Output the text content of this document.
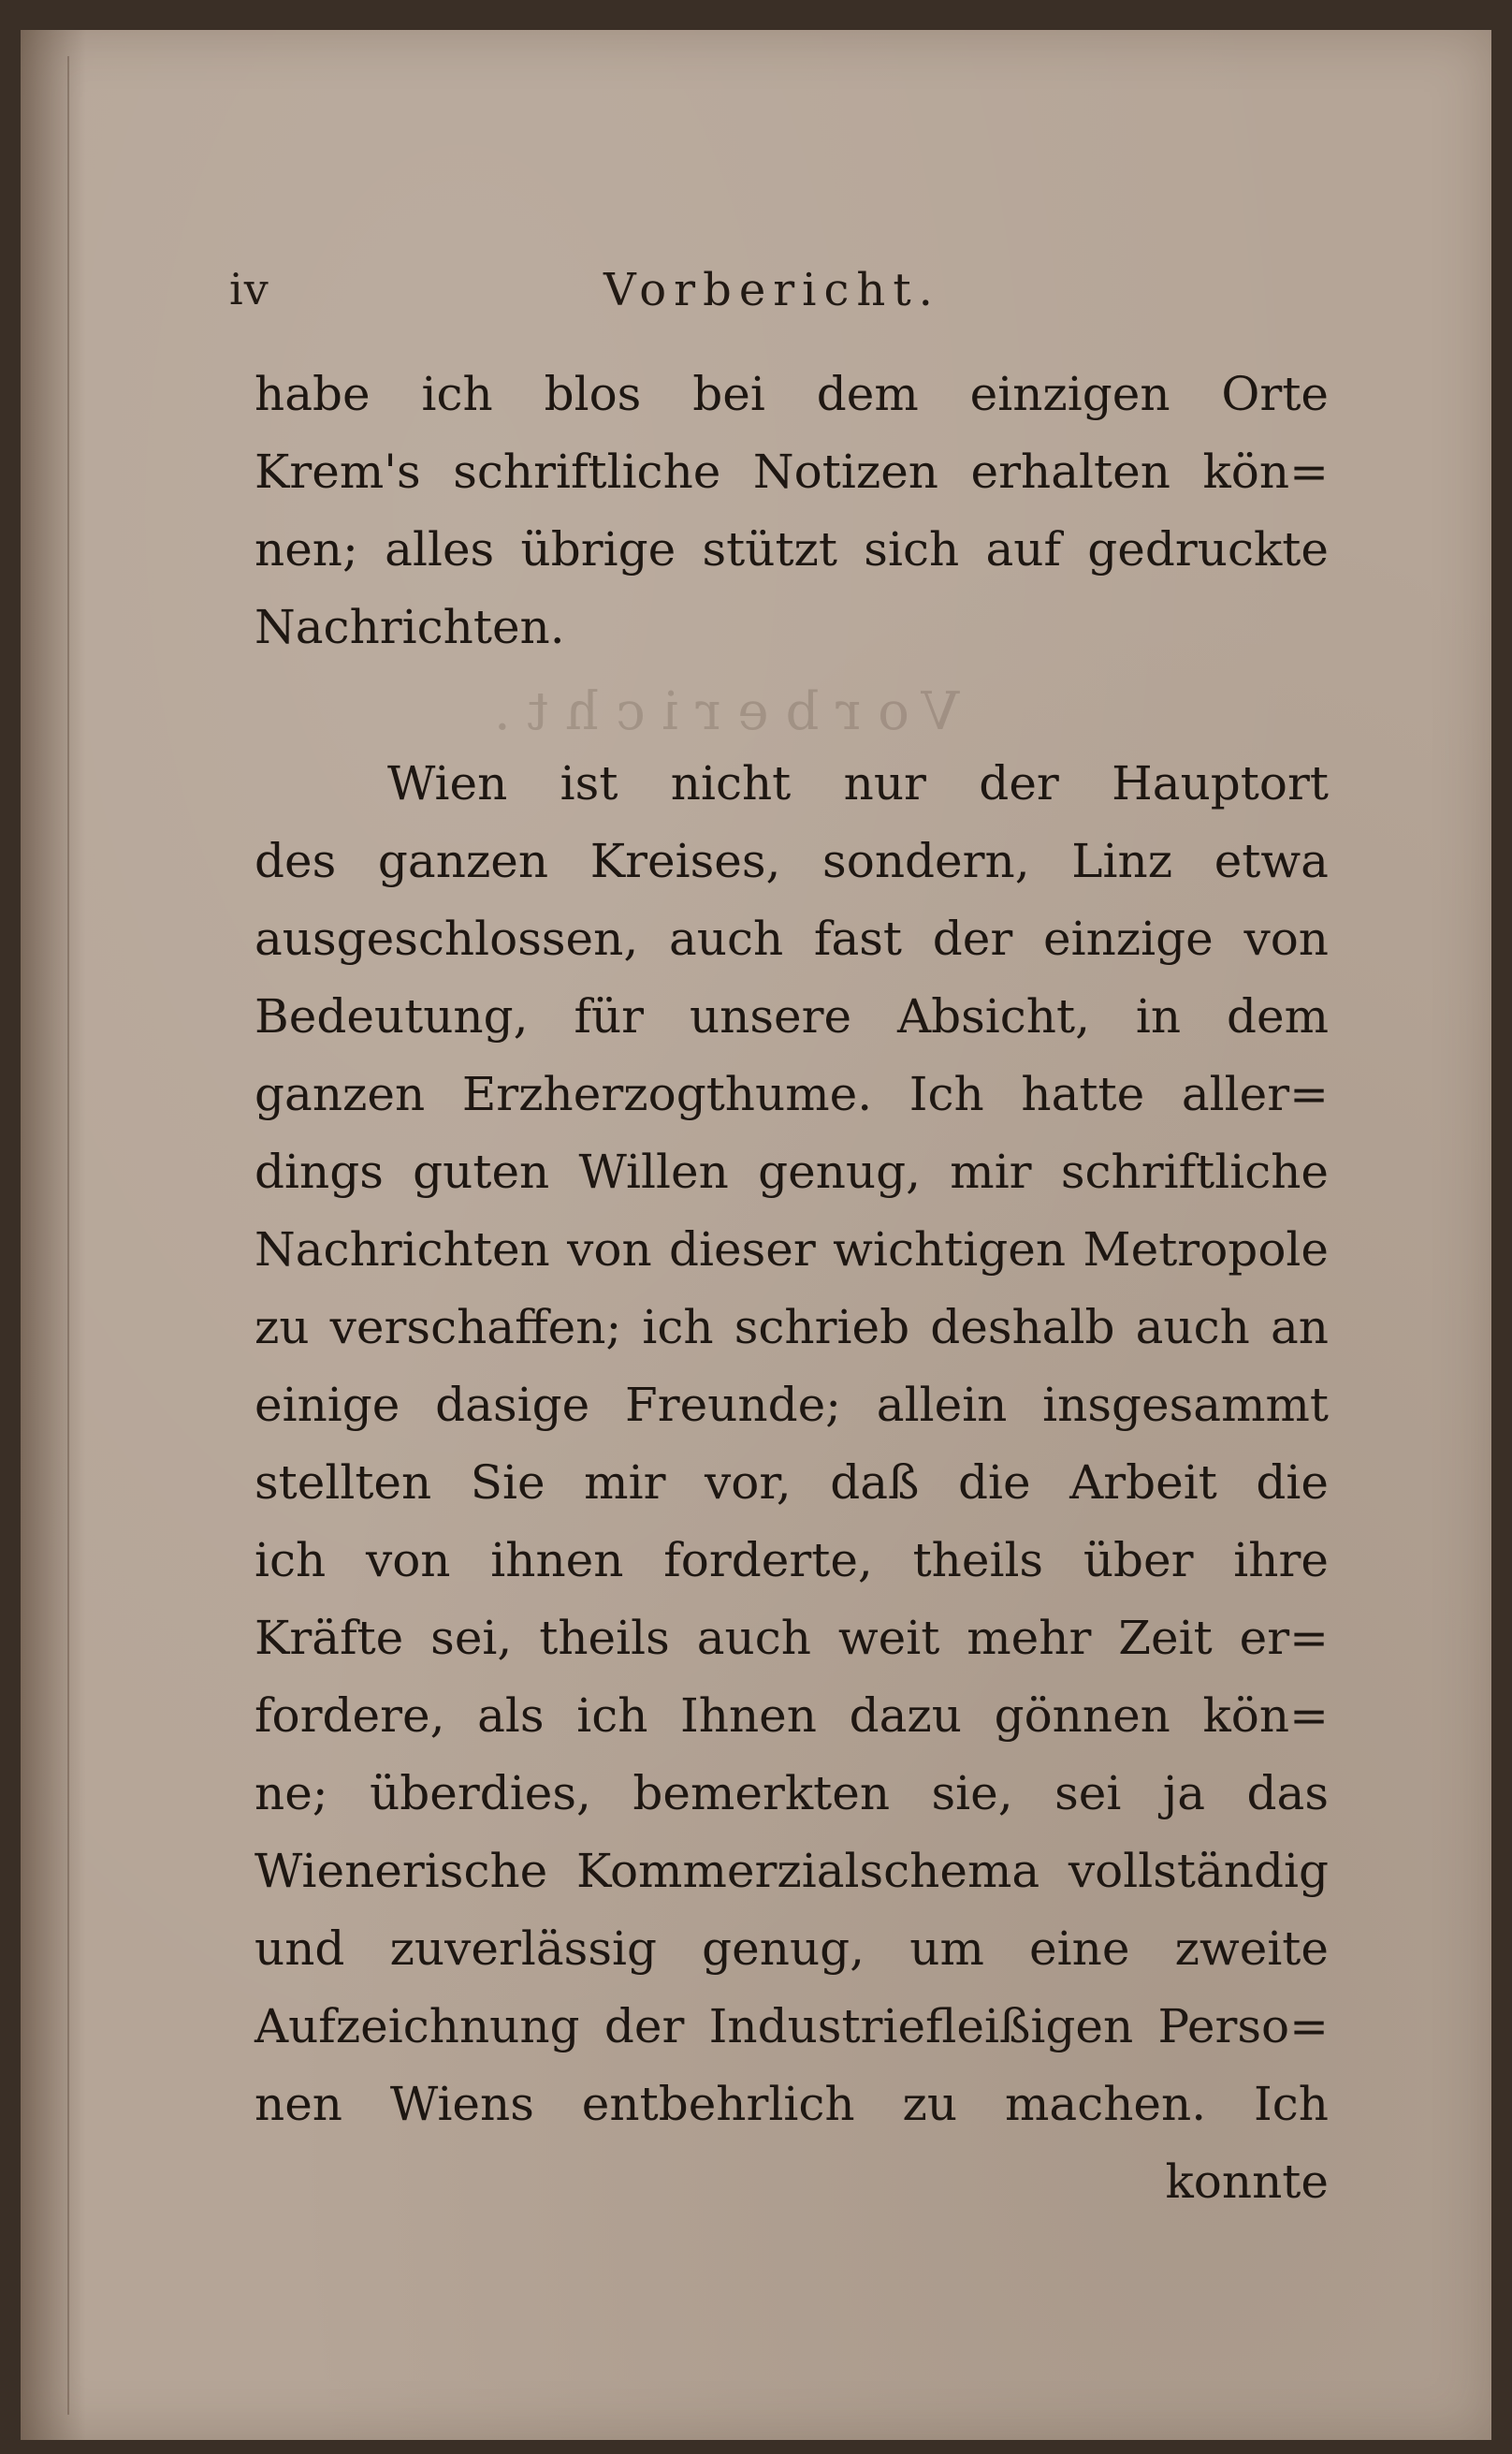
Vorbericht.
iv	Vorbericht.
habe ich blos bei dem einzigen Orte
Krem's schriftliche Notizen erhalten kön=
nen; alles übrige stützt sich auf gedruckte
Nachrichten.
Wien ist nicht nur der Hauptort
des ganzen Kreises, sondern, Linz etwa
ausgeschlossen, auch fast der einzige von
Bedeutung, für unsere Absicht, in dem
ganzen Erzherzogthume. Ich hatte aller=
dings guten Willen genug, mir schriftliche
Nachrichten von dieser wichtigen Metropole
zu verschaffen; ich schrieb deshalb auch an
einige dasige Freunde; allein insgesammt
stellten Sie mir vor, daß die Arbeit die
ich von ihnen forderte, theils über ihre
Kräfte sei, theils auch weit mehr Zeit er=
fordere, als ich Ihnen dazu gönnen kön=
ne; überdies, bemerkten sie, sei ja das
Wienerische Kommerzialschema vollständig
und zuverlässig genug, um eine zweite
Aufzeichnung der Industriefleißigen Perso=
nen Wiens entbehrlich zu machen. Ich
konnte
